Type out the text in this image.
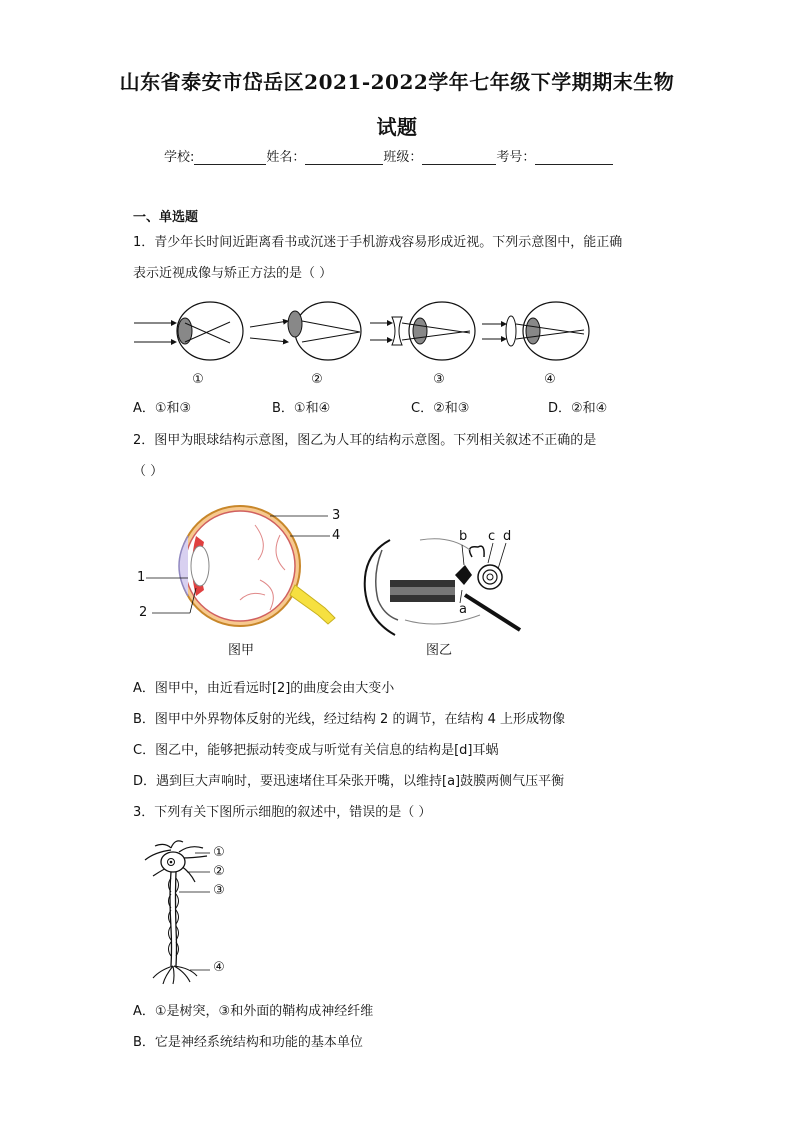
山东省泰安市岱岳区2021-2022学年七年级下学期期末生物
试题
学校:	姓名：	班级：	考号：
一、单选题
1．青少年长时间近距离看书或沉迷于手机游戏容易形成近视。下列示意图中，能正确
表示近视成像与矫正方法的是（ ）
①	②	③	④
A．①和③	B．①和④	C．②和③	D．②和④
2．图甲为眼球结构示意图，图乙为人耳的结构示意图。下列相关叙述不正确的是
（ ）
1
2
3
4
图甲
b c d
a
图乙
A．图甲中，由近看远时[2]的曲度会由大变小
B．图甲中外界物体反射的光线，经过结构 2 的调节，在结构 4 上形成物像
C．图乙中，能够把振动转变成与听觉有关信息的结构是[d]耳蜗
D．遇到巨大声响时，要迅速堵住耳朵张开嘴，以维持[a]鼓膜两侧气压平衡
3．下列有关下图所示细胞的叙述中，错误的是（ ）
①
②
③
④
A．①是树突，③和外面的鞘构成神经纤维
B．它是神经系统结构和功能的基本单位
